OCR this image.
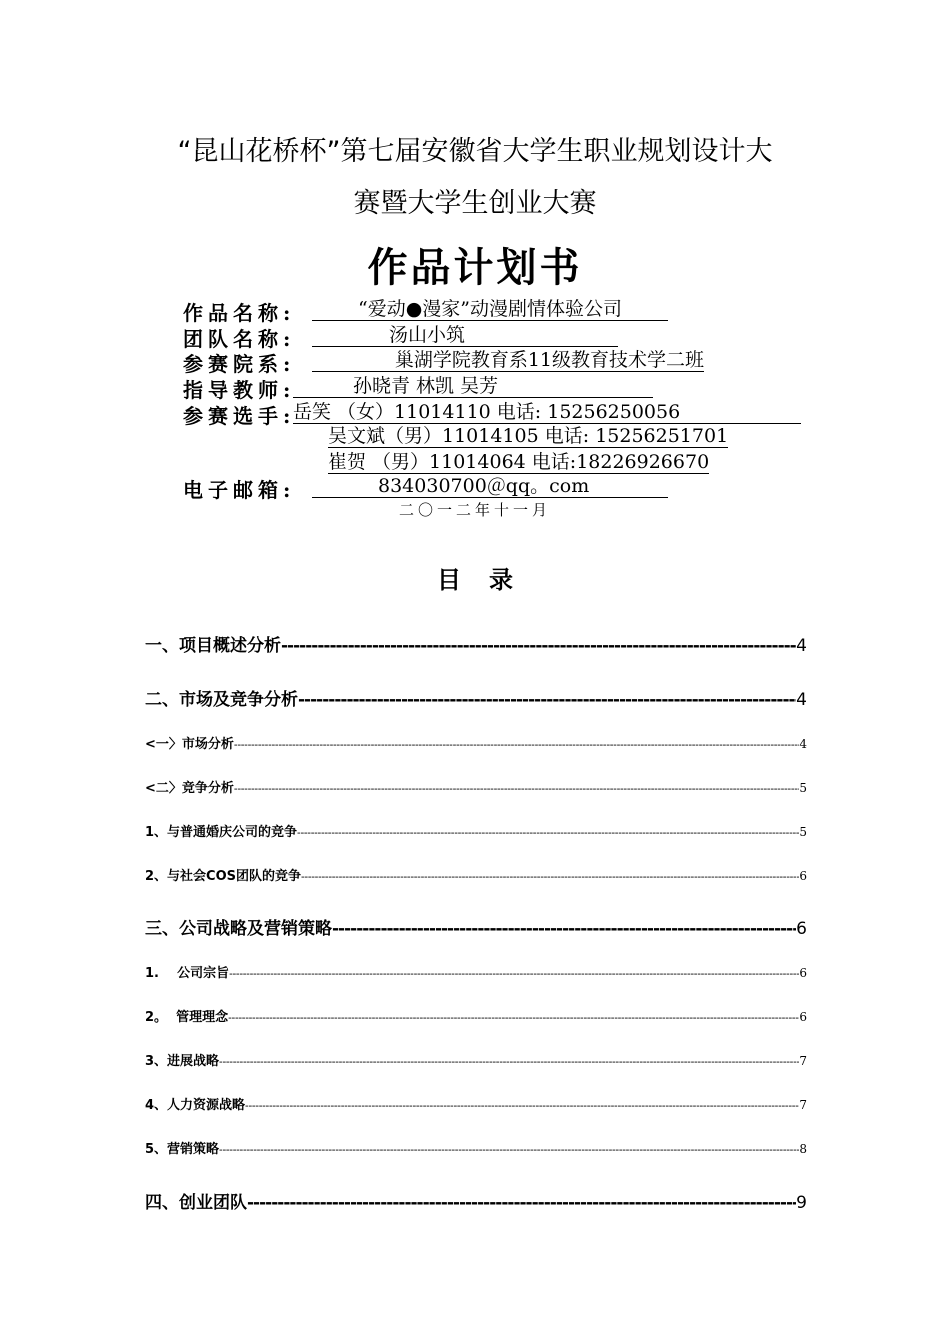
“昆山花桥杯”第七届安徽省大学生职业规划设计大
赛暨大学生创业大赛
作品计划书
作品名称:	“爱动●漫家”动漫剧情体验公司
团队名称:	汤山小筑
参赛院系:	巢湖学院教育系11级教育技术学二班
指导教师:	孙晓青 林凯 吴芳
参赛选手:
岳笑 （女）11014110 电话: 15256250056
吴文斌（男）11014105 电话: 15256251701
崔贺 （男）11014064 电话:18226926670
电子邮箱:	834030700＠qq。com
二〇一二年十一月
目 录
一、项目概述分析 -----	4
二、市场及竞争分析 -----	4
<一〉市场分析 -----	4
<二〉竞争分析 -----	5
1、与普通婚庆公司的竞争 -----	5
2、与社会COS团队的竞争 -----	6
三、公司战略及营销策略 -----	6
1.    公司宗旨 -----	6
2。  管理理念 -----	6
3、进展战略 -----	7
4、人力资源战略 -----	7
5、营销策略 -----	8
四、创业团队 -----	9
